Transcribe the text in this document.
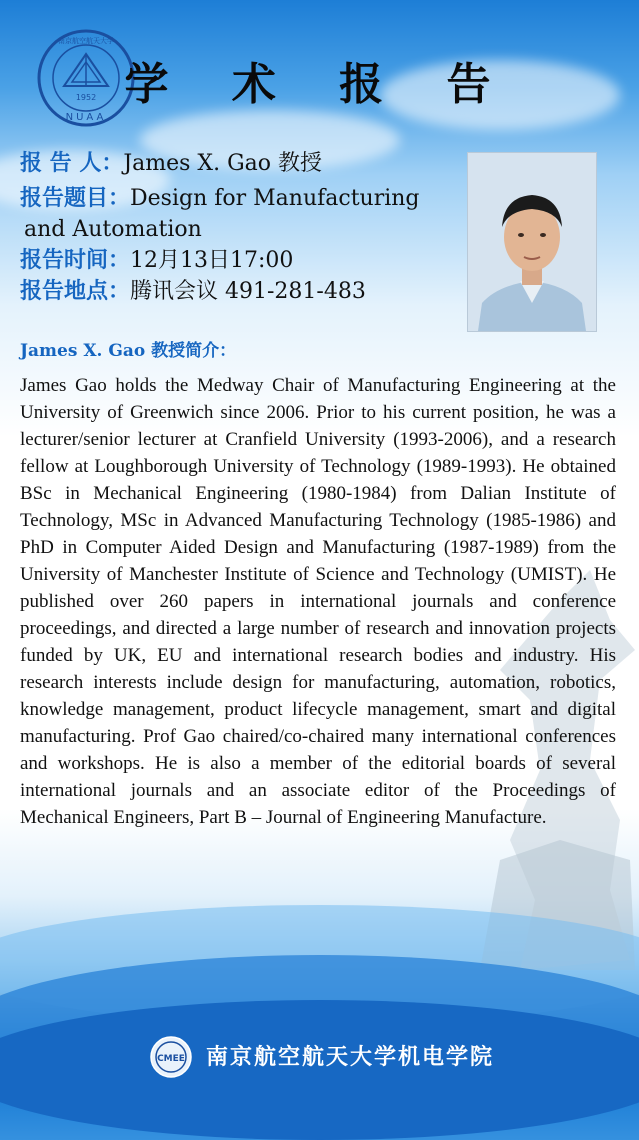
1952
NUAA
南京航空航天大学
学 术 报 告
报 告 人：James X. Gao 教授
报告题目：Design for Manufacturing
and Automation
报告时间：12月13日17:00
报告地点：腾讯会议 491-281-483
James X. Gao 教授简介：
James Gao holds the Medway Chair of Manufacturing Engineering at the University of Greenwich since 2006. Prior to his current position, he was a lecturer/senior lecturer at Cranfield University (1993-2006), and a research fellow at Loughborough University of Technology (1989-1993). He obtained BSc in Mechanical Engineering (1980-1984) from Dalian Institute of Technology, MSc in Advanced Manufacturing Technology (1985-1986) and PhD in Computer Aided Design and Manufacturing (1987-1989) from the University of Manchester Institute of Science and Technology (UMIST). He published over 260 papers in international journals and conference proceedings, and directed a large number of research and innovation projects funded by UK, EU and international research bodies and industry. His research interests include design for manufacturing, automation, robotics, knowledge management, product lifecycle management, smart and digital manufacturing. Prof Gao chaired/co-chaired many international conferences and workshops. He is also a member of the editorial boards of several international journals and an associate editor of the Proceedings of Mechanical Engineers, Part B – Journal of Engineering Manufacture.
CMEE 南京航空航天大学机电学院
